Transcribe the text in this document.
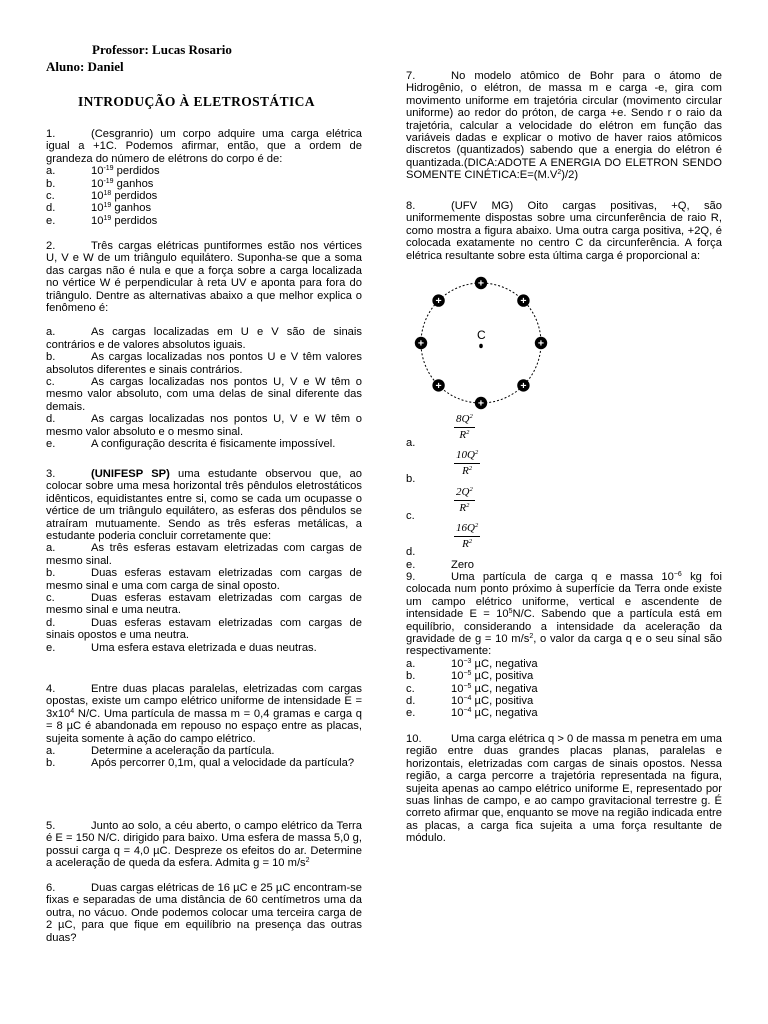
Professor: Lucas Rosario
Aluno: Daniel
INTRODUÇÃO À ELETROSTÁTICA

1.	(Cesgranrio) um corpo adquire uma carga elétrica igual a +1C. Podemos afirmar, então, que a ordem de grandeza do número de elétrons do corpo é de:

a.	$10^{-19}$ perdidos
b.	$10^{-19}$ ganhos
c.	$10^{18}$ perdidos
d.	$10^{19}$ ganhos
e.	$10^{19}$ perdidos

2.	Três cargas elétricas puntiformes estão nos vértices U, V e W de um triângulo equilátero. Suponha-se que a soma das cargas não é nula e que a força sobre a carga localizada no vértice W é perpendicular à reta UV e aponta para fora do triângulo. Dentre as alternativas abaixo a que melhor explica o fenômeno é:

a.	As cargas localizadas em U e V são de sinais contrários e de valores absolutos iguais.
b.	As cargas localizadas nos pontos U e V têm valores absolutos diferentes e sinais contrários.
c.	As cargas localizadas nos pontos U, V e W têm o mesmo valor absoluto, com uma delas de sinal diferente das demais.
d.	As cargas localizadas nos pontos U, V e W têm o mesmo valor absoluto e o mesmo sinal.
e.	A configuração descrita é fisicamente impossível.

3.	(UNIFESP SP) uma estudante observou que, ao colocar sobre uma mesa horizontal três pêndulos eletrostáticos idênticos, equidistantes entre si, como se cada um ocupasse o vértice de um triângulo equilátero, as esferas dos pêndulos se atraíram mutuamente. Sendo as três esferas metálicas, a estudante poderia concluir corretamente que:

a.	As três esferas estavam eletrizadas com cargas de mesmo sinal.
b.	Duas esferas estavam eletrizadas com cargas de mesmo sinal e uma com carga de sinal oposto.
c.	Duas esferas estavam eletrizadas com cargas de mesmo sinal e uma neutra.
d.	Duas esferas estavam eletrizadas com cargas de sinais opostos e uma neutra.
e.	Uma esfera estava eletrizada e duas neutras.

4.	Entre duas placas paralelas, eletrizadas com cargas opostas, existe um campo elétrico uniforme de intensidade $E = 3x10^4$ N/C. Uma partícula de massa m = 0,4 gramas e carga q = 8 µC é abandonada em repouso no espaço entre as placas, sujeita somente à ação do campo elétrico.

a.	Determine a aceleração da partícula.
b.	Após percorrer 0,1m, qual a velocidade da partícula?

5.	Junto ao solo, a céu aberto, o campo elétrico da Terra é E = 150 N/C. dirigido para baixo. Uma esfera de massa 5,0 g, possui carga q = 4,0 µC. Despreze os efeitos do ar. Determine a aceleração de queda da esfera. Admita g = 10 $m/s^2$

6.	Duas cargas elétricas de 16 µC e 25 µC encontram-se fixas e separadas de uma distância de 60 centímetros uma da outra, no vácuo. Onde podemos colocar uma terceira carga de 2 µC, para que fique em equilíbrio na presença das outras duas?

7.	No modelo atômico de Bohr para o átomo de Hidrogênio, o elétron, de massa m e carga -e, gira com movimento uniforme em trajetória circular (movimento circular uniforme) ao redor do próton, de carga +e. Sendo r o raio da trajetória, calcular a velocidade do elétron em função das variáveis dadas e explicar o motivo de haver raios atômicos discretos (quantizados) sabendo que a energia do elétron é quantizada.(DICA:ADOTE A ENERGIA DO ELETRON SENDO SOMENTE $CINÉTICA:E=(M.V^2)/2$)

8.	(UFV MG) Oito cargas positivas, +Q, são uniformemente dispostas sobre uma circunferência de raio R, como mostra a figura abaixo. Uma outra carga positiva, +2Q, é colocada exatamente no centro C da circunferência. A força elétrica resultante sobre esta última carga é proporcional a:

+
+
+
+
+
+
+
+
C
a.
$\frac{8Q^2}{R^2}$
b.
$\frac{10Q^2}{R^2}$
c.
$\frac{2Q^2}{R^2}$
d.
$\frac{16Q^2}{R^2}$
e.	Zero

9.	Uma partícula de carga q e massa $10^{-6}$ kg foi colocada num ponto próximo à superfície da Terra onde existe um campo elétrico uniforme, vertical e ascendente de intensidade $E = 10^5N/C$. Sabendo que a partícula está em equilíbrio, considerando a intensidade da aceleração da gravidade de g = 10 $m/s^2$, o valor da carga q e o seu sinal são respectivamente:

a.	$10^{-3}$ µC, negativa
b.	$10^{-5}$ µC, positiva
c.	$10^{-5}$ µC, negativa
d.	$10^{-4}$ µC, positiva
e.	$10^{-4}$ µC, negativa

10.	Uma carga elétrica q > 0 de massa m penetra em uma região entre duas grandes placas planas, paralelas e horizontais, eletrizadas com cargas de sinais opostos. Nessa região, a carga percorre a trajetória representada na figura, sujeita apenas ao campo elétrico uniforme E, representado por suas linhas de campo, e ao campo gravitacional terrestre g. É correto afirmar que, enquanto se move na região indicada entre as placas, a carga fica sujeita a uma força resultante de módulo.
